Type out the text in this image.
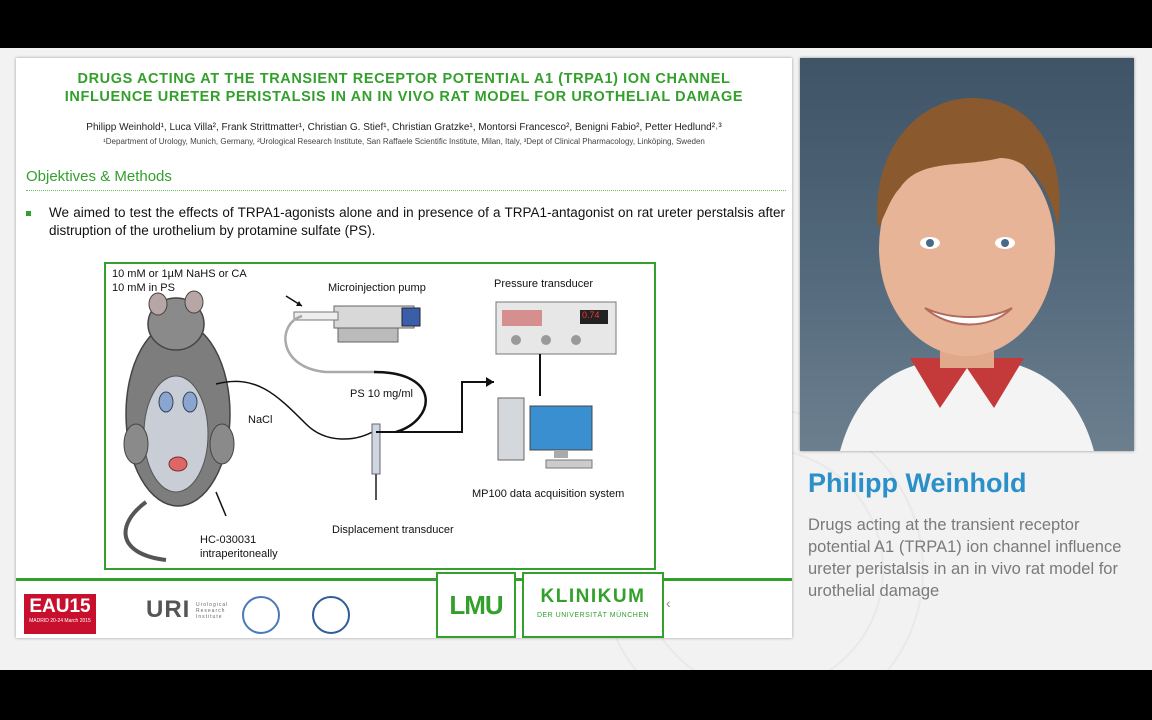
DRUGS ACTING AT THE TRANSIENT RECEPTOR POTENTIAL A1 (TRPA1) ION CHANNEL
INFLUENCE URETER PERISTALSIS IN AN IN VIVO RAT MODEL FOR UROTHELIAL DAMAGE
Philipp Weinhold¹, Luca Villa², Frank Strittmatter¹, Christian G. Stief¹, Christian Gratzke¹, Montorsi Francesco², Benigni Fabio², Petter Hedlund²˒³
¹Department of Urology, Munich, Germany, ²Urological Research Institute, San Raffaele Scientific Institute, Milan, Italy, ³Dept of Clinical Pharmacology, Linköping, Sweden
Objektives & Methods
We aimed to test the effects of TRPA1-agonists alone and in presence of a TRPA1-antagonist on rat ureter perstalsis after distruption of the urothelium by protamine sulfate (PS).
10 mM or 1µM NaHS or CA
10 mM in PS	Microinjection pump	Pressure transducer
0.74
PS 10 mg/ml
NaCl
MP100 data acquisition system
Displacement transducer
HC-030031
intraperitoneally
EAU15
MADRID 20-24 March 2015 URI Urological Research Institute	LMU	KLINIKUM
DER UNIVERSITÄT MÜNCHEN
‹
Philipp Weinhold
Drugs acting at the transient receptor potential A1 (TRPA1) ion channel influence ureter peristalsis in an in vivo rat model for urothelial damage
